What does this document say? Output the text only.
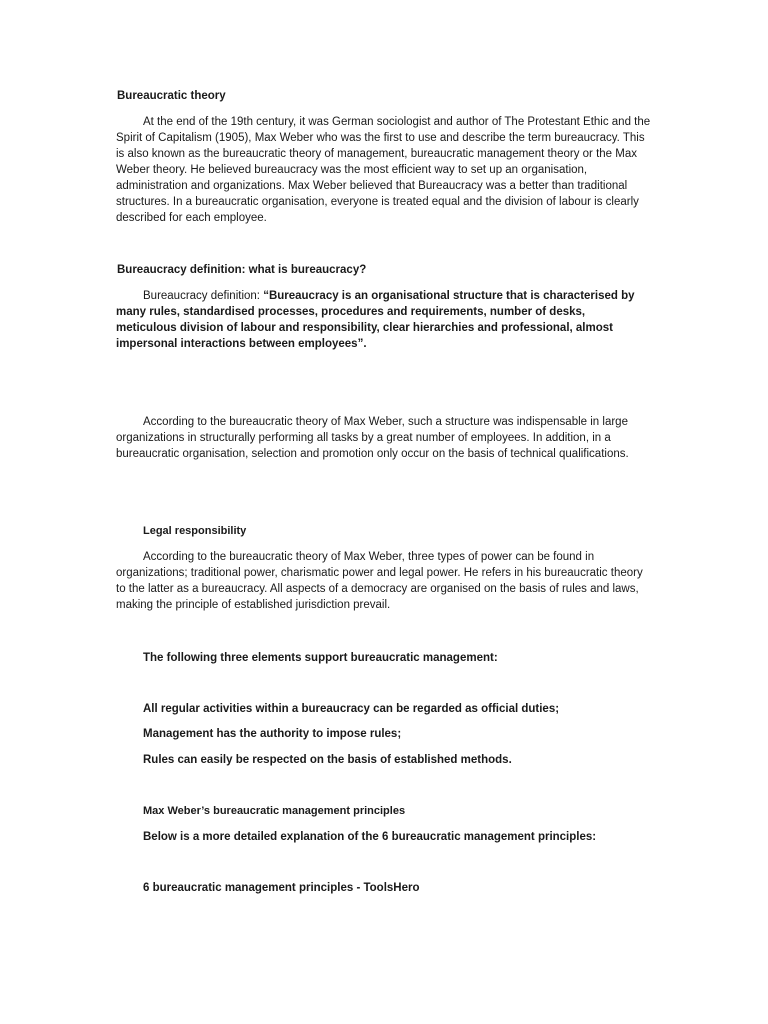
Bureaucratic theory

At the end of the 19th century, it was German sociologist and author of The Protestant Ethic and the Spirit of Capitalism (1905), Max Weber who was the first to use and describe the term bureaucracy. This is also known as the bureaucratic theory of management, bureaucratic management theory or the Max Weber theory. He believed bureaucracy was the most efficient way to set up an organisation, administration and organizations. Max Weber believed that Bureaucracy was a better than traditional structures. In a bureaucratic organisation, everyone is treated equal and the division of labour is clearly described for each employee.

Bureaucracy definition: what is bureaucracy?

Bureaucracy definition: “Bureaucracy is an organisational structure that is characterised by many rules, standardised processes, procedures and requirements, number of desks, meticulous division of labour and responsibility, clear hierarchies and professional, almost impersonal interactions between employees”.

According to the bureaucratic theory of Max Weber, such a structure was indispensable in large organizations in structurally performing all tasks by a great number of employees. In addition, in a bureaucratic organisation, selection and promotion only occur on the basis of technical qualifications.

Legal responsibility

According to the bureaucratic theory of Max Weber, three types of power can be found in organizations; traditional power, charismatic power and legal power. He refers in his bureaucratic theory to the latter as a bureaucracy. All aspects of a democracy are organised on the basis of rules and laws, making the principle of established jurisdiction prevail.

The following three elements support bureaucratic management:

All regular activities within a bureaucracy can be regarded as official duties;

Management has the authority to impose rules;

Rules can easily be respected on the basis of established methods.

Max Weber’s bureaucratic management principles

Below is a more detailed explanation of the 6 bureaucratic management principles:

6 bureaucratic management principles - ToolsHero
